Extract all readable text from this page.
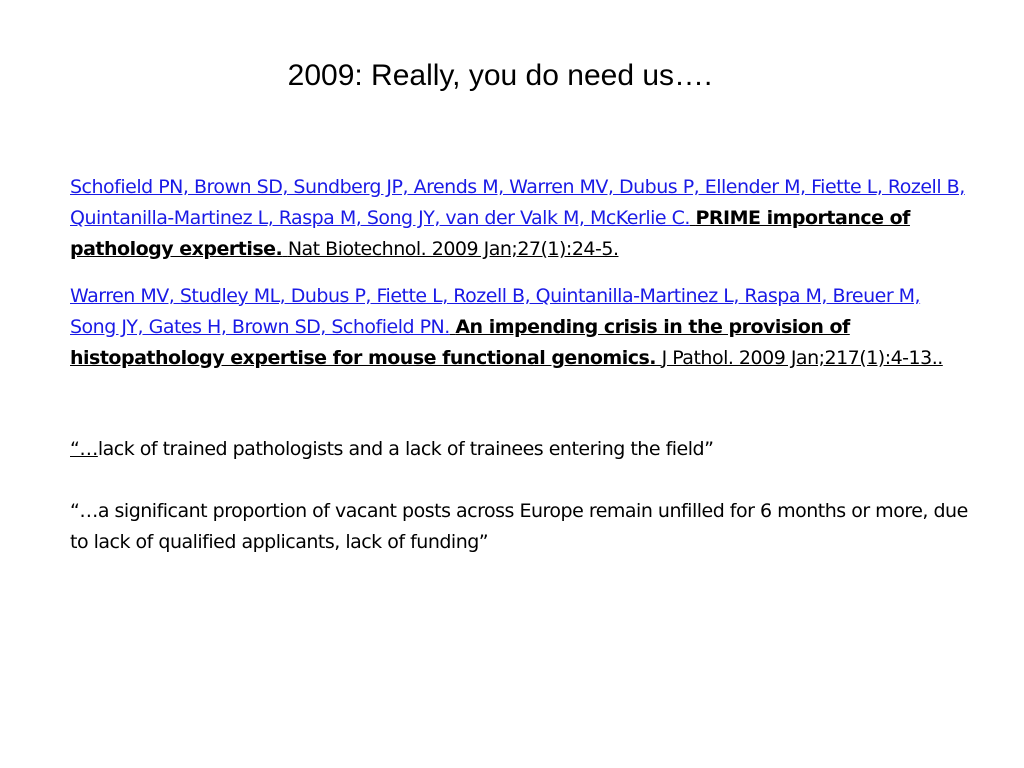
2009: Really, you do need us….

Schofield PN, Brown SD, Sundberg JP, Arends M, Warren MV, Dubus P, Ellender M, Fiette L, Rozell B, Quintanilla-Martinez L, Raspa M, Song JY, van der Valk M, McKerlie C. PRIME importance of pathology expertise. Nat Biotechnol. 2009 Jan;27(1):24-5.

Warren MV, Studley ML, Dubus P, Fiette L, Rozell B, Quintanilla-Martinez L, Raspa M, Breuer M, Song JY, Gates H, Brown SD, Schofield PN. An impending crisis in the provision of histopathology expertise for mouse functional genomics. J Pathol. 2009 Jan;217(1):4-13..

“…lack of trained pathologists and a lack of trainees entering the field”

“…a significant proportion of vacant posts across Europe remain unfilled for 6 months or more, due to lack of qualified applicants, lack of funding”
